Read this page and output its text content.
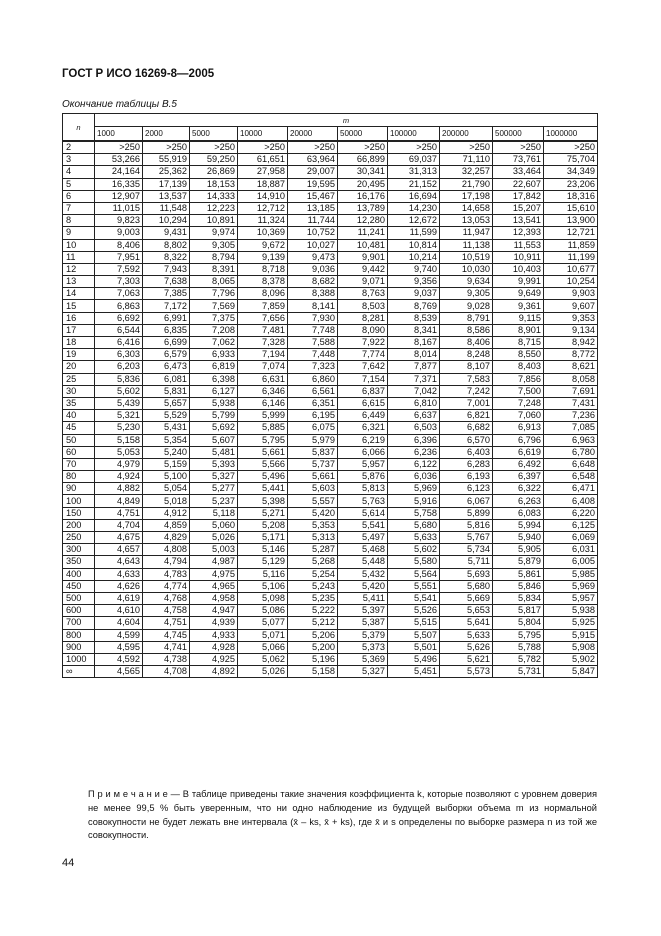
ГОСТ Р ИСО 16269-8—2005
Окончание таблицы В.5
n	m									
	1000	2000	5000	10000	20000	50000	100000	200000	500000	1000000
2	>250	>250	>250	>250	>250	>250	>250	>250	>250	>250
3	53,266	55,919	59,250	61,651	63,964	66,899	69,037	71,110	73,761	75,704
4	24,164	25,362	26,869	27,958	29,007	30,341	31,313	32,257	33,464	34,349
5	16,335	17,139	18,153	18,887	19,595	20,495	21,152	21,790	22,607	23,206
6	12,907	13,537	14,333	14,910	15,467	16,176	16,694	17,198	17,842	18,316
7	11,015	11,548	12,223	12,712	13,185	13,789	14,230	14,658	15,207	15,610
8	9,823	10,294	10,891	11,324	11,744	12,280	12,672	13,053	13,541	13,900
9	9,003	9,431	9,974	10,369	10,752	11,241	11,599	11,947	12,393	12,721
10	8,406	8,802	9,305	9,672	10,027	10,481	10,814	11,138	11,553	11,859
11	7,951	8,322	8,794	9,139	9,473	9,901	10,214	10,519	10,911	11,199
12	7,592	7,943	8,391	8,718	9,036	9,442	9,740	10,030	10,403	10,677
13	7,303	7,638	8,065	8,378	8,682	9,071	9,356	9,634	9,991	10,254
14	7,063	7,385	7,796	8,096	8,388	8,763	9,037	9,305	9,649	9,903
15	6,863	7,172	7,569	7,859	8,141	8,503	8,769	9,028	9,361	9,607
16	6,692	6,991	7,375	7,656	7,930	8,281	8,539	8,791	9,115	9,353
17	6,544	6,835	7,208	7,481	7,748	8,090	8,341	8,586	8,901	9,134
18	6,416	6,699	7,062	7,328	7,588	7,922	8,167	8,406	8,715	8,942
19	6,303	6,579	6,933	7,194	7,448	7,774	8,014	8,248	8,550	8,772
20	6,203	6,473	6,819	7,074	7,323	7,642	7,877	8,107	8,403	8,621
25	5,836	6,081	6,398	6,631	6,860	7,154	7,371	7,583	7,856	8,058
30	5,602	5,831	6,127	6,346	6,561	6,837	7,042	7,242	7,500	7,691
35	5,439	5,657	5,938	6,146	6,351	6,615	6,810	7,001	7,248	7,431
40	5,321	5,529	5,799	5,999	6,195	6,449	6,637	6,821	7,060	7,236
45	5,230	5,431	5,692	5,885	6,075	6,321	6,503	6,682	6,913	7,085
50	5,158	5,354	5,607	5,795	5,979	6,219	6,396	6,570	6,796	6,963
60	5,053	5,240	5,481	5,661	5,837	6,066	6,236	6,403	6,619	6,780
70	4,979	5,159	5,393	5,566	5,737	5,957	6,122	6,283	6,492	6,648
80	4,924	5,100	5,327	5,496	5,661	5,876	6,036	6,193	6,397	6,548
90	4,882	5,054	5,277	5,441	5,603	5,813	5,969	6,123	6,322	6,471
100	4,849	5,018	5,237	5,398	5,557	5,763	5,916	6,067	6,263	6,408
150	4,751	4,912	5,118	5,271	5,420	5,614	5,758	5,899	6,083	6,220
200	4,704	4,859	5,060	5,208	5,353	5,541	5,680	5,816	5,994	6,125
250	4,675	4,829	5,026	5,171	5,313	5,497	5,633	5,767	5,940	6,069
300	4,657	4,808	5,003	5,146	5,287	5,468	5,602	5,734	5,905	6,031
350	4,643	4,794	4,987	5,129	5,268	5,448	5,580	5,711	5,879	6,005
400	4,633	4,783	4,975	5,116	5,254	5,432	5,564	5,693	5,861	5,985
450	4,626	4,774	4,965	5,106	5,243	5,420	5,551	5,680	5,846	5,969
500	4,619	4,768	4,958	5,098	5,235	5,411	5,541	5,669	5,834	5,957
600	4,610	4,758	4,947	5,086	5,222	5,397	5,526	5,653	5,817	5,938
700	4,604	4,751	4,939	5,077	5,212	5,387	5,515	5,641	5,804	5,925
800	4,599	4,745	4,933	5,071	5,206	5,379	5,507	5,633	5,795	5,915
900	4,595	4,741	4,928	5,066	5,200	5,373	5,501	5,626	5,788	5,908
1000	4,592	4,738	4,925	5,062	5,196	5,369	5,496	5,621	5,782	5,902
∞	4,565	4,708	4,892	5,026	5,158	5,327	5,451	5,573	5,731	5,847
П р и м е ч а н и е — В таблице приведены такие значения коэффициента k, которые позволяют с уровнем доверия не менее 99,5 % быть уверенным, что ни одно наблюдение из будущей выборки объема m из нормальной совокупности не будет лежать вне интервала (x̄ – ks, x̄ + ks), где x̄ и s определены по выборке размера n из той же совокупности.
44
